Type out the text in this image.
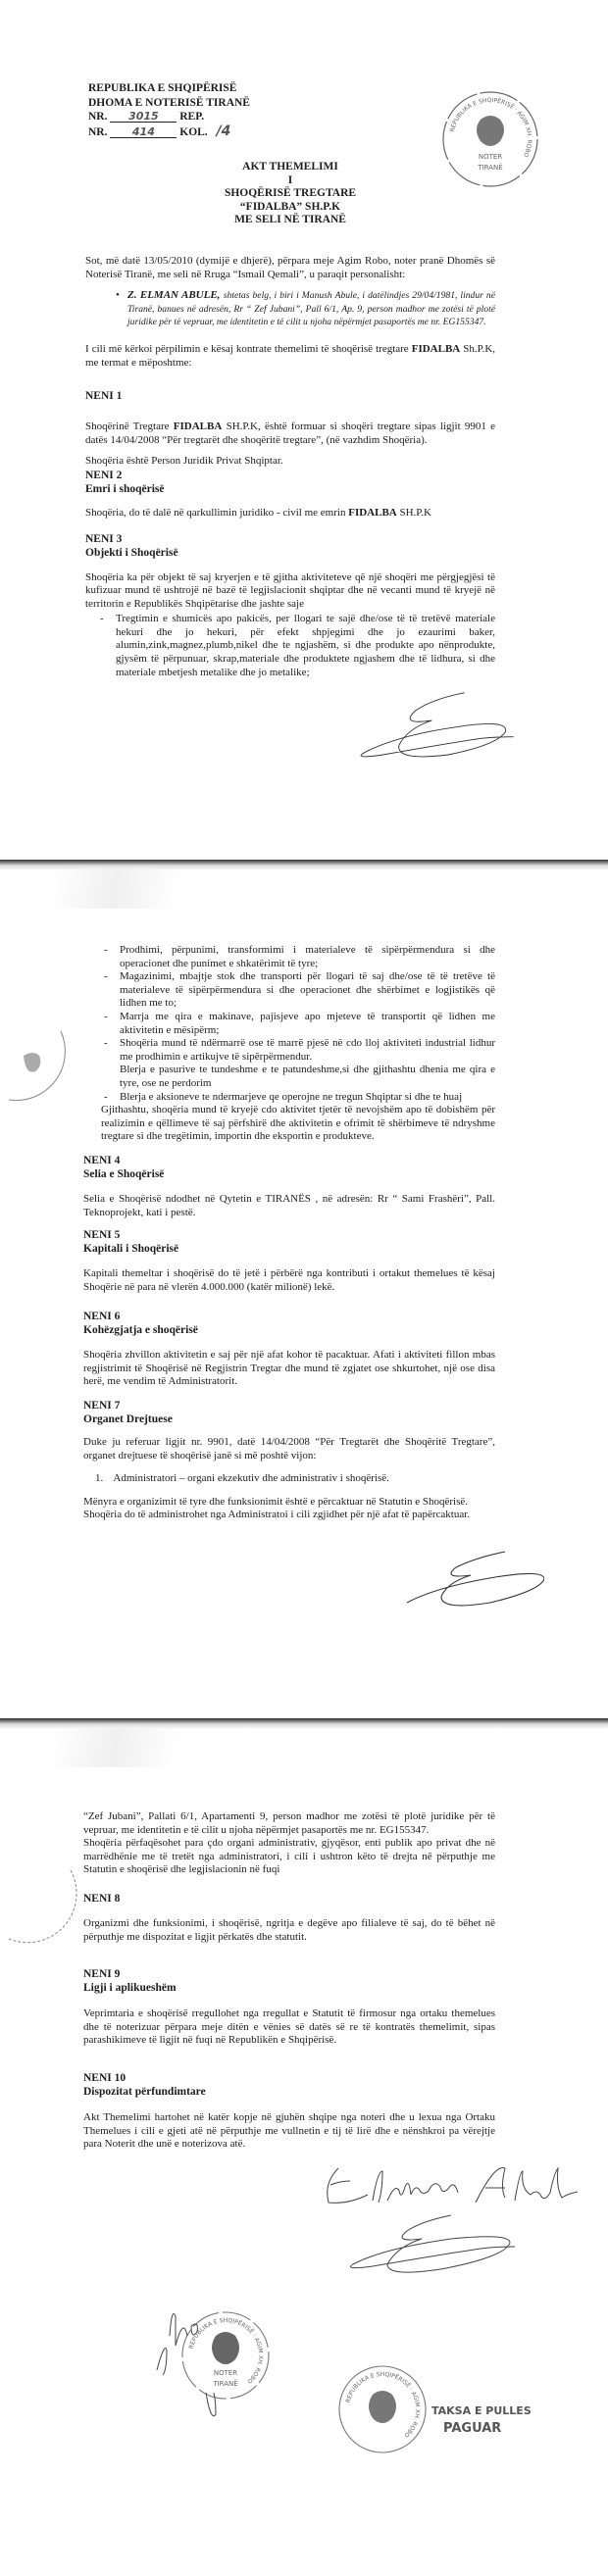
REPUBLIKA E SHQIPËRISË · AGIM XH. ROBO
NOTER
TIRANË
REPUBLIKA E SHQIPËRISË
DHOMA E NOTERISË TIRANË
NR. 3015 REP.
NR. 414 KOL. /4
AKT THEMELIMI
I
SHOQËRISË TREGTARE
“FIDALBA” SH.P.K
ME SELI NË TIRANË

Sot, më datë 13/05/2010 (dymijë e dhjerë), përpara meje Agim Robo, noter pranë Dhomës së Noterisë Tiranë, me seli në Rruga “Ismail Qemali”, u paraqit personalisht:

• Z. ELMAN ABULE, shtetas belg, i biri i Manush Abule, i datëlindjes 29/04/1981, lindur në Tiranë, banues në adresën, Rr “ Zef Jubani”, Pall 6/1, Ap. 9, person madhor me zotësi të plotë juridike për të vepruar, me identitetin e të cilit u njoha nëpërmjet pasaportës me nr. EG155347.

I cili më kërkoi përpilimin e kësaj kontrate themelimi të shoqërisë tregtare FIDALBA Sh.P.K, me termat e mëposhtme:

NENI 1

Shoqërinë Tregtare FIDALBA SH.P.K, është formuar si shoqëri tregtare sipas ligjit 9901 e datës 14/04/2008 “Për tregtarët dhe shoqëritë tregtare”, (në vazhdim Shoqëria).

Shoqëria është Person Juridik Privat Shqiptar.

NENI 2
Emri i shoqërisë

Shoqëria, do të dalë në qarkullimin juridiko - civil me emrin FIDALBA SH.P.K

NENI 3
Objekti i Shoqërisë

Shoqëria ka për objekt të saj kryerjen e të gjitha aktiviteteve që një shoqëri me përgjegjësi të kufizuar mund të ushtrojë në bazë të legjislacionit shqiptar dhe në vecanti mund të kryejë në territorin e Republikës Shqipëtarise dhe jashte saje

- Tregtimin e shumicës apo pakicës, per llogari te sajë dhe/ose të të tretëvë materiale hekuri dhe jo hekuri, për efekt shpjegimi dhe jo ezaurimi baker, alumin,zink,magnez,plumb,nikel dhe te ngjashëm, si dhe produkte apo nënprodukte, gjysëm të përpunuar, skrap,materiale dhe produktete ngjashem dhe të lidhura, si dhe materiale mbetjesh metalike dhe jo metalike;
- Prodhimi, përpunimi, transformimi i materialeve të sipërpërmendura si dhe operacionet dhe punimet e shkatërimit të tyre;
- Magazinimi, mbajtje stok dhe transporti për llogari të saj dhe/ose të të tretëve të materialeve të sipërpërmendura si dhe operacionet dhe shërbimet e logjistikës që lidhen me to;
- Marrja me qira e makinave, pajisjeve apo mjeteve të transportit që lidhen me aktivitetin e mësipërm;
- Shoqëria mund të ndërmarrë ose të marrë pjesë në cdo lloj aktiviteti industrial lidhur me prodhimin e artikujve të sipërpërmendur.
Blerja e pasurive te tundeshme e te patundeshme,si dhe gjithashtu dhenia me qira e tyre, ose ne perdorim
- Blerja e aksioneve te ndermarjeve qe operojne ne tregun Shqiptar si dhe te huaj

Gjithashtu, shoqëria mund të kryejë cdo aktivitet tjetër të nevojshëm apo të dobishëm për realizimin e qëllimeve të saj përfshirë dhe aktivitetin e ofrimit të shërbimeve të ndryshme tregtare si dhe tregëtimin, importin dhe eksportin e produkteve.

NENI 4
Selia e Shoqërisë

Selia e Shoqërisë ndodhet në Qytetin e TIRANËS , në adresën: Rr “ Sami Frashëri”, Pall. Teknoprojekt, kati i pestë.

NENI 5
Kapitali i Shoqërisë

Kapitali themeltar i shoqërisë do të jetë i përbërë nga kontributi i ortakut themelues të kësaj Shoqërie në para në vlerën 4.000.000 (katër milionë) lekë.

NENI 6
Kohëzgjatja e shoqërisë

Shoqëria zhvillon aktivitetin e saj për një afat kohor të pacaktuar. Afati i aktiviteti fillon mbas regjistrimit të Shoqërisë në Regjistrin Tregtar dhe mund të zgjatet ose shkurtohet, një ose disa herë, me vendim të Administratorit.

NENI 7
Organet Drejtuese

Duke ju referuar ligjit nr. 9901, datë 14/04/2008 “Për Tregtarët dhe Shoqëritë Tregtare”, organet drejtuese të shoqërisë janë si më poshtë vijon:

1. Administratori – organi ekzekutiv dhe administrativ i shoqërisë.

Mënyra e organizimit të tyre dhe funksionimit është e përcaktuar në Statutin e Shoqërisë.

Shoqëria do të administrohet nga Administratoi i cili zgjidhet për një afat të papërcaktuar.

“Zef Jubani”, Pallati 6/1, Apartamenti 9, person madhor me zotësi të plotë juridike për të vepruar, me identitetin e të cilit u njoha nëpërmjet pasaportës me nr. EG155347.

Shoqëria përfaqësohet para çdo organi administrativ, gjyqësor, enti publik apo privat dhe në marrëdhënie me të tretët nga administratori, i cili i ushtron këto të drejta në përputhje me Statutin e shoqërisë dhe legjislacionin në fuqi

NENI 8

Organizmi dhe funksionimi, i shoqërisë, ngritja e degëve apo filialeve të saj, do të bëhet në përputhje me dispozitat e ligjit përkatës dhe statutit.

NENI 9
Ligji i aplikueshëm

Veprimtaria e shoqërisë rregullohet nga rregullat e Statutit të firmosur nga ortaku themelues dhe të noterizuar përpara meje ditën e vënies së datës së re të kontratës themelimit, sipas parashikimeve të ligjit në fuqi në Republikën e Shqipërisë.

NENI 10
Dispozitat përfundimtare

Akt Themelimi hartohet në katër kopje në gjuhën shqipe nga noteri dhe u lexua nga Ortaku Themelues i cili e gjeti atë në përputhje me vullnetin e tij të lirë dhe e nënshkroi pa vërejtje para Noterit dhe unë e noterizova atë.

REPUBLIKA E SHQIPËRISË · AGIM XH. ROBO
NOTER
TIRANË
REPUBLIKA E SHQIPËRISË · AGIM XH. ROBO
TAKSA E PULLES
PAGUAR
